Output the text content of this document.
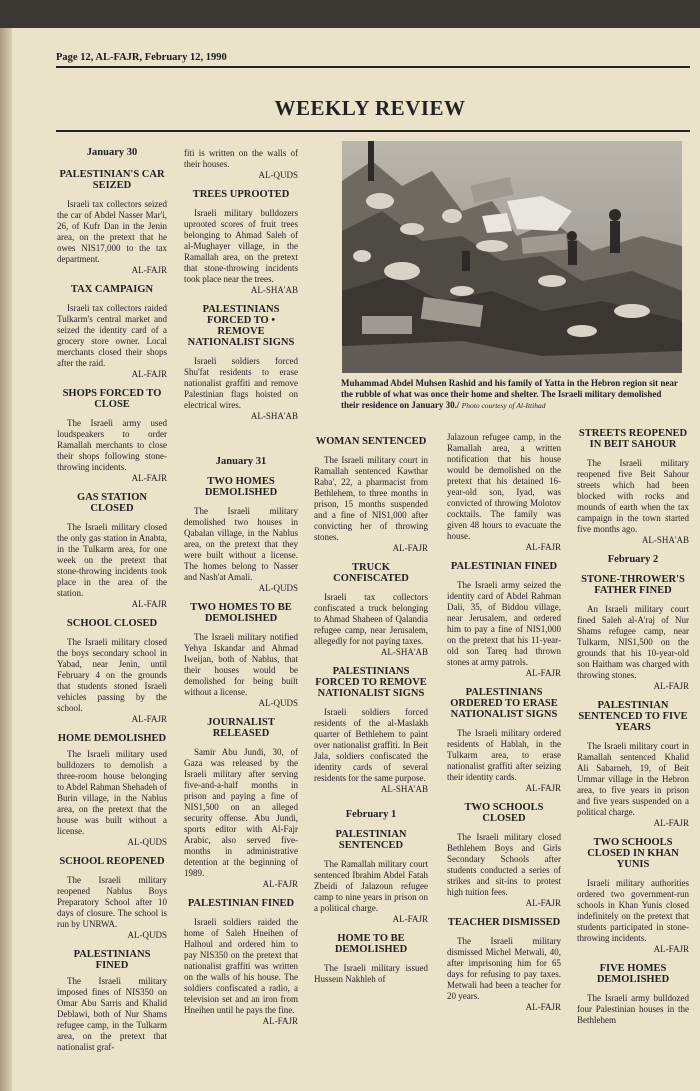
Page 12, AL-FAJR, February 12, 1990
WEEKLY REVIEW
January 30
PALESTINIAN'S CAR SEIZED

Israeli tax collectors seized the car of Abdel Nasser Mar'i, 26, of Kufr Dan in the Jenin area, on the pretext that he owes NIS17,000 to the tax department.

AL-FAJR
TAX CAMPAIGN

Israeli tax collectors raided Tulkarm's central market and seized the identity card of a grocery store owner. Local merchants closed their shops after the raid.

AL-FAJR
SHOPS FORCED TO CLOSE

The Israeli army used loudspeakers to order Ramallah merchants to close their shops following stone-throwing incidents.

AL-FAJR
GAS STATION CLOSED

The Israeli military closed the only gas station in Anabta, in the Tulkarm area, for one week on the pretext that stone-throwing incidents took place in the area of the station.

AL-FAJR
SCHOOL CLOSED

The Israeli military closed the boys secondary school in Yabad, near Jenin, until February 4 on the grounds that students stoned Israeli vehicles passing by the school.

AL-FAJR
HOME DEMOLISHED

The Israeli military used bulldozers to demolish a three-room house belonging to Abdel Rahman Shehadeh of Burin village, in the Nablus area, on the pretext that the house was built without a license.

AL-QUDS
SCHOOL REOPENED

The Israeli military reopened Nablus Boys Preparatory School after 10 days of closure. The school is run by UNRWA.

AL-QUDS
PALESTINIANS FINED

The Israeli military imposed fines of NIS350 on Omar Abu Sarris and Khalid Deblawi, both of Nur Shams refugee camp, in the Tulkarm area, on the pretext that nationalist graf-

fiti is written on the walls of their houses.

AL-QUDS
TREES UPROOTED

Israeli military bulldozers uprooted scores of fruit trees belonging to Ahmad Saleh of al-Mughayer village, in the Ramallah area, on the pretext that stone-throwing incidents took place near the trees.

AL-SHA'AB
PALESTINIANS FORCED TO • REMOVE NATIONALIST SIGNS

Israeli soldiers forced Shu'fat residents to erase nationalist graffiti and remove Palestinian flags hoisted on electrical wires.

AL-SHA'AB
January 31
TWO HOMES DEMOLISHED

The Israeli military demolished two houses in Qabalan village, in the Nablus area, on the pretext that they were built without a license. The homes belong to Nasser and Nash'at Amali.

AL-QUDS
TWO HOMES TO BE DEMOLISHED

The Israeli military notified Yehya Iskandar and Ahmad Iweijan, both of Nablus, that their houses would be demolished for being built without a license.

AL-QUDS
JOURNALIST RELEASED

Samir Abu Jundi, 30, of Gaza was released by the Israeli military after serving five-and-a-half months in prison and paying a fine of NIS1,500 on an alleged security offense. Abu Jundi, sports editor with Al-Fajr Arabic, also served five-months in administrative detention at the beginning of 1989.

AL-FAJR
PALESTINIAN FINED

Israeli soldiers raided the home of Saleh Hneihen of Halhoul and ordered him to pay NIS350 on the pretext that nationalist graffiti was written on the walls of his house. The soldiers confiscated a radio, a television set and an iron from Hneihen until he pays the fine.

AL-FAJR
Muhammad Abdel Muhsen Rashid and his family of Yatta in the Hebron region sit near the rubble of what was once their home and shelter. The Israeli military demolished their residence on January 30./ Photo courtesy of Al-Ittihad
WOMAN SENTENCED

The Israeli military court in Ramallah sentenced Kawthar Raba', 22, a pharmacist from Bethlehem, to three months in prison, 15 months suspended and a fine of NIS1,000 after convicting her of throwing stones.

AL-FAJR
TRUCK CONFISCATED

Israeli tax collectors confiscated a truck belonging to Ahmad Shaheen of Qalandia refugee camp, near Jerusalem, allegedly for not paying taxes.

AL-SHA'AB
PALESTINIANS FORCED TO REMOVE NATIONALIST SIGNS

Israeli soldiers forced residents of the al-Maslakh quarter of Bethlehem to paint over nationalist graffiti. In Beit Jala, soldiers confiscated the identity cards of several residents for the same purpose.

AL-SHA'AB
February 1
PALESTINIAN SENTENCED

The Ramallah military court sentenced Ibrahim Abdel Fatah Zbeidi of Jalazoun refugee camp to nine years in prison on a political charge.

AL-FAJR
HOME TO BE DEMOLISHED

The Israeli military issued Husseın Nakhleh of

Jalazoun refugee camp, in the Ramallah area, a written notification that his house would be demolished on the pretext that his detained 16-year-old son, Iyad, was convicted of throwing Molotov cocktails. The family was given 48 hours to evacuate the house.

AL-FAJR
PALESTINIAN FINED

The Israeli army seized the identity card of Abdel Rahman Dali, 35, of Biddou village, near Jerusalem, and ordered him to pay a fine of NIS1,000 on the pretext that his 11-year-old son Tareq had thrown stones at army patrols.

AL-FAJR
PALESTINIANS ORDERED TO ERASE NATIONALIST SIGNS

The Israeli military ordered residents of Hablah, in the Tulkarm area, to erase nationalist graffiti after seizing their identity cards.

AL-FAJR
TWO SCHOOLS CLOSED

The Israeli military closed Bethlehem Boys and Girls Secondary Schools after students conducted a series of strikes and sit-ins to protest high tuition fees.

AL-FAJR
TEACHER DISMISSED

The Israeli military dismissed Michel Metwali, 40, after imprisoning him for 65 days for refusing to pay taxes. Metwali had been a teacher for 20 years.

AL-FAJR
STREETS REOPENED IN BEIT SAHOUR

The Israeli military reopened five Beit Sahour streets which had been blocked with rocks and mounds of earth when the tax campaign in the town started five months ago.

AL-SHA'AB
February 2
STONE-THROWER'S FATHER FINED

An Israeli military court fined Saleh al-A'raj of Nur Shams refugee camp, near Tulkarm, NIS1,500 on the grounds that his 10-year-old son Haitham was charged with throwing stones.

AL-FAJR
PALESTINIAN SENTENCED TO FIVE YEARS

The Israeli military court in Ramallah sentenced Khalid Ali Sabarneh, 19, of Beit Ummar village in the Hebron area, to five years in prison and five years suspended on a political charge.

AL-FAJR
TWO SCHOOLS CLOSED IN KHAN YUNIS

Israeli military authorities ordered two government-run schools in Khan Yunis closed indefinitely on the pretext that students participated in stone-throwing incidents.

AL-FAJR
FIVE HOMES DEMOLISHED

The Israeli army bulldozed four Palestinian houses in the Bethlehem
